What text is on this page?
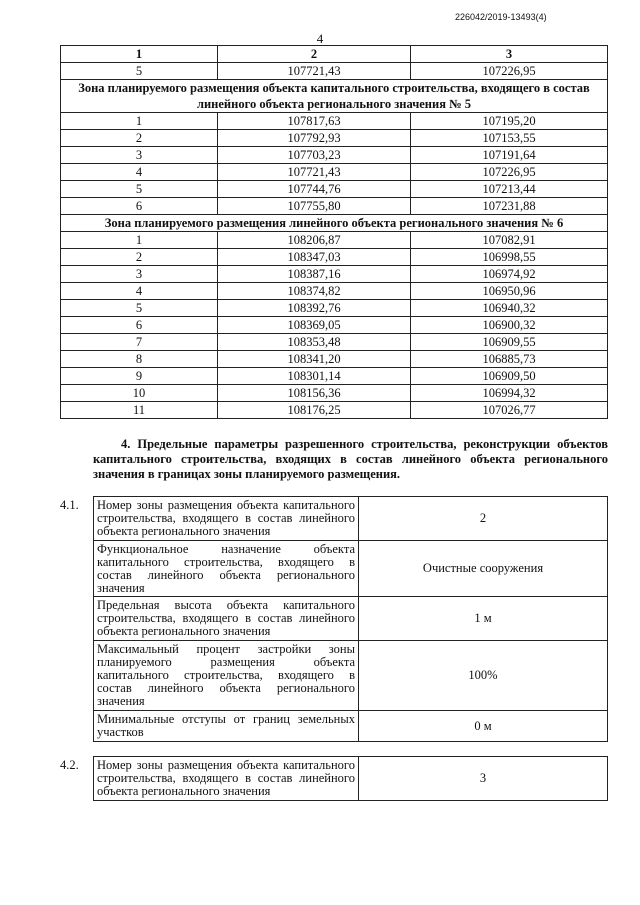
226042/2019-13493(4)
4
1	2	3
5	107721,43	107226,95
Зона планируемого размещения объекта капитального строительства, входящего в состав линейного объекта регионального значения № 5		
1	107817,63	107195,20
2	107792,93	107153,55
3	107703,23	107191,64
4	107721,43	107226,95
5	107744,76	107213,44
6	107755,80	107231,88
Зона планируемого размещения линейного объекта регионального значения № 6		
1	108206,87	107082,91
2	108347,03	106998,55
3	108387,16	106974,92
4	108374,82	106950,96
5	108392,76	106940,32
6	108369,05	106900,32
7	108353,48	106909,55
8	108341,20	106885,73
9	108301,14	106909,50
10	108156,36	106994,32
11	108176,25	107026,77
4. Предельные параметры разрешенного строительства, реконструкции объектов капитального строительства, входящих в состав линейного объекта регионального значения в границах зоны планируемого размещения.
4.1. Номер зоны размещения объекта капитального строительства, входящего в состав линейного объекта регионального значения	2
Функциональное назначение объекта капитального строительства, входящего в состав линейного объекта регионального значения	Очистные сооружения
Предельная высота объекта капитального строительства, входящего в состав линейного объекта регионального значения	1 м
Максимальный процент застройки зоны планируемого размещения объекта капитального строительства, входящего в состав линейного объекта регионального значения	100%
Минимальные отступы от границ земельных участков	0 м
4.2. Номер зоны размещения объекта капитального строительства, входящего в состав линейного объекта регионального значения	3
